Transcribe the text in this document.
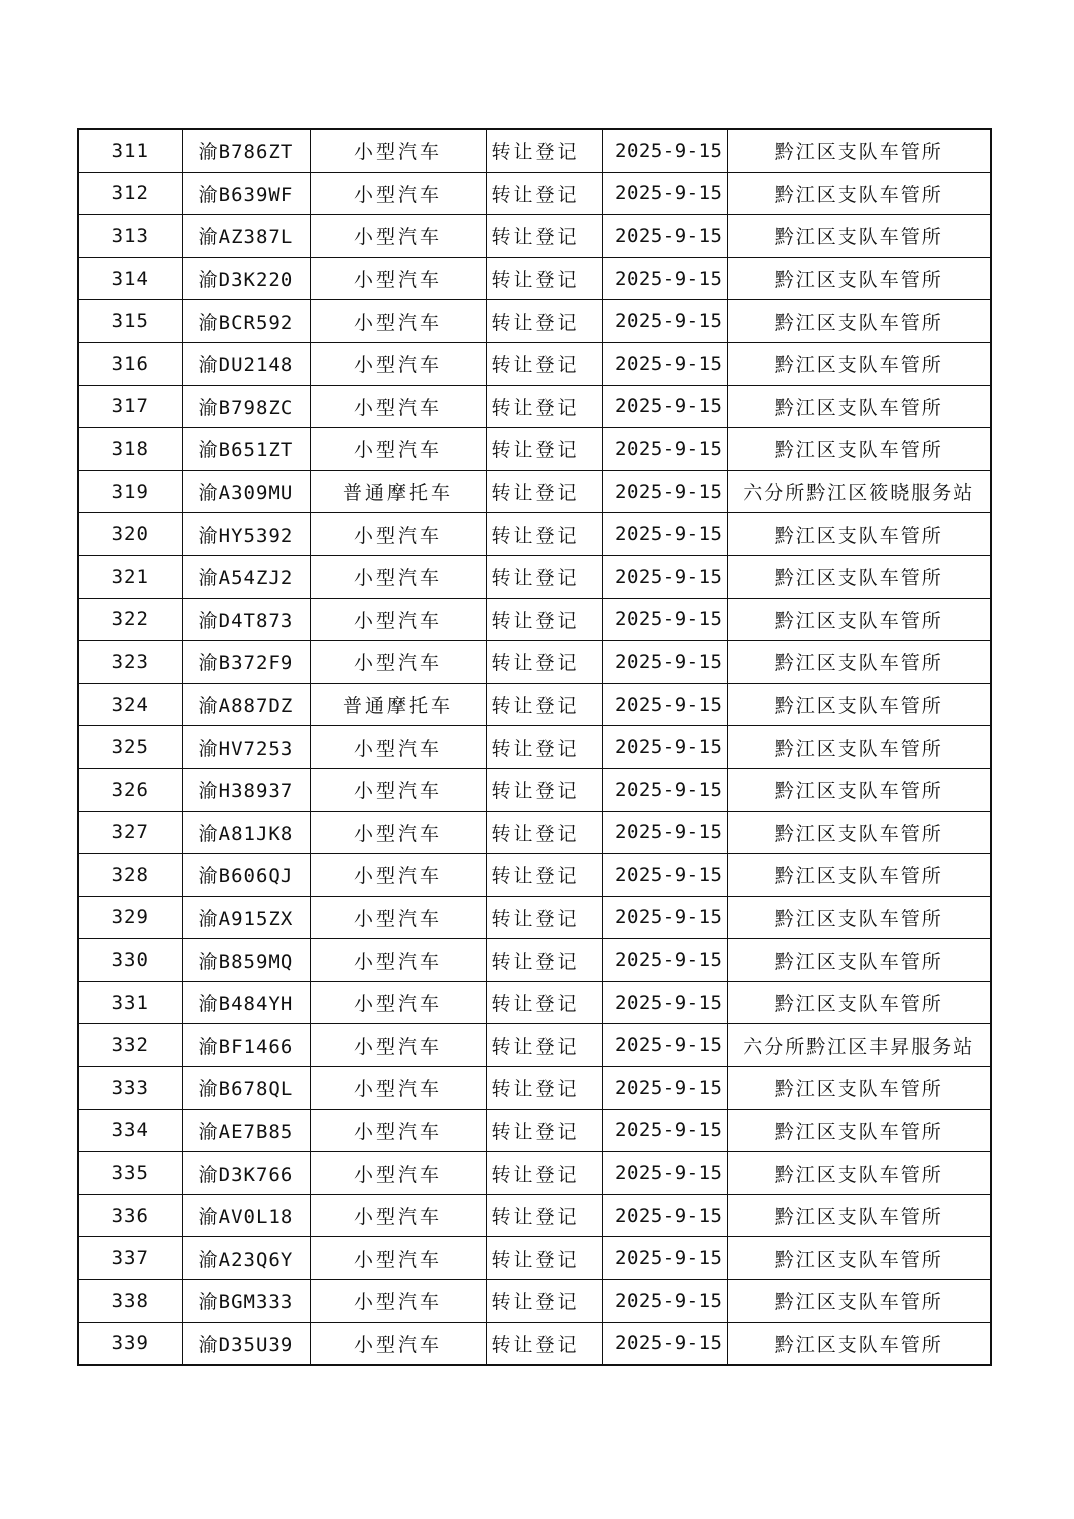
311	渝B786ZT	小型汽车	转让登记	2025-9-15	黔江区支队车管所
312	渝B639WF	小型汽车	转让登记	2025-9-15	黔江区支队车管所
313	渝AZ387L	小型汽车	转让登记	2025-9-15	黔江区支队车管所
314	渝D3K220	小型汽车	转让登记	2025-9-15	黔江区支队车管所
315	渝BCR592	小型汽车	转让登记	2025-9-15	黔江区支队车管所
316	渝DU2148	小型汽车	转让登记	2025-9-15	黔江区支队车管所
317	渝B798ZC	小型汽车	转让登记	2025-9-15	黔江区支队车管所
318	渝B651ZT	小型汽车	转让登记	2025-9-15	黔江区支队车管所
319	渝A309MU	普通摩托车	转让登记	2025-9-15	六分所黔江区筱晓服务站
320	渝HY5392	小型汽车	转让登记	2025-9-15	黔江区支队车管所
321	渝A54ZJ2	小型汽车	转让登记	2025-9-15	黔江区支队车管所
322	渝D4T873	小型汽车	转让登记	2025-9-15	黔江区支队车管所
323	渝B372F9	小型汽车	转让登记	2025-9-15	黔江区支队车管所
324	渝A887DZ	普通摩托车	转让登记	2025-9-15	黔江区支队车管所
325	渝HV7253	小型汽车	转让登记	2025-9-15	黔江区支队车管所
326	渝H38937	小型汽车	转让登记	2025-9-15	黔江区支队车管所
327	渝A81JK8	小型汽车	转让登记	2025-9-15	黔江区支队车管所
328	渝B606QJ	小型汽车	转让登记	2025-9-15	黔江区支队车管所
329	渝A915ZX	小型汽车	转让登记	2025-9-15	黔江区支队车管所
330	渝B859MQ	小型汽车	转让登记	2025-9-15	黔江区支队车管所
331	渝B484YH	小型汽车	转让登记	2025-9-15	黔江区支队车管所
332	渝BF1466	小型汽车	转让登记	2025-9-15	六分所黔江区丰昇服务站
333	渝B678QL	小型汽车	转让登记	2025-9-15	黔江区支队车管所
334	渝AE7B85	小型汽车	转让登记	2025-9-15	黔江区支队车管所
335	渝D3K766	小型汽车	转让登记	2025-9-15	黔江区支队车管所
336	渝AV0L18	小型汽车	转让登记	2025-9-15	黔江区支队车管所
337	渝A23Q6Y	小型汽车	转让登记	2025-9-15	黔江区支队车管所
338	渝BGM333	小型汽车	转让登记	2025-9-15	黔江区支队车管所
339	渝D35U39	小型汽车	转让登记	2025-9-15	黔江区支队车管所
